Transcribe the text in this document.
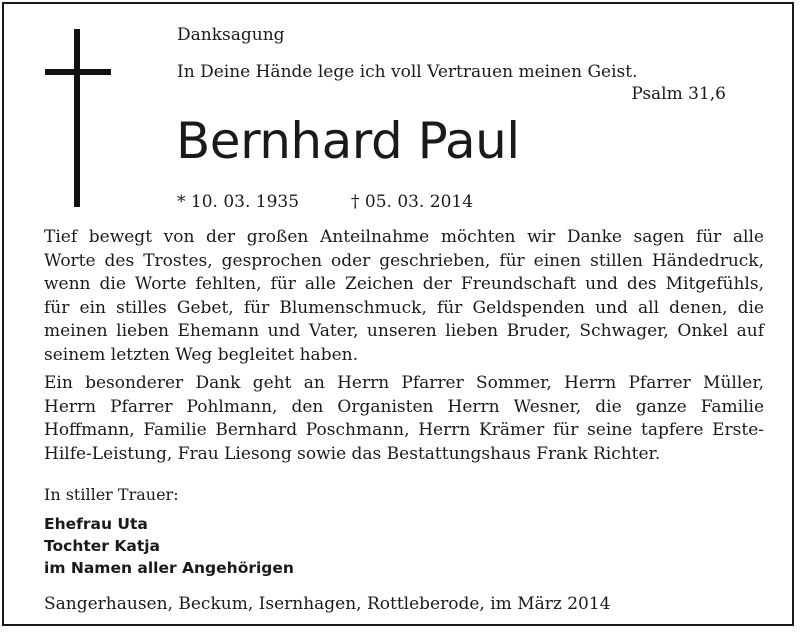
Danksagung
In Deine Hände lege ich voll Vertrauen meinen Geist.
Psalm 31,6
Bernhard Paul
* 10. 03. 1935	† 05. 03. 2014

Tief bewegt von der großen Anteilnahme möchten wir Danke sagen für alle

Worte des Trostes, gesprochen oder geschrieben, für einen stillen Händedruck,

wenn die Worte fehlten, für alle Zeichen der Freundschaft und des Mitgefühls,

für ein stilles Gebet, für Blumenschmuck, für Geldspenden und all denen, die

meinen lieben Ehemann und Vater, unseren lieben Bruder, Schwager, Onkel auf

seinem letzten Weg begleitet haben.

Ein besonderer Dank geht an Herrn Pfarrer Sommer, Herrn Pfarrer Müller,

Herrn Pfarrer Pohlmann, den Organisten Herrn Wesner, die ganze Familie

Hoffmann, Familie Bernhard Poschmann, Herrn Krämer für seine tapfere Erste-

Hilfe-Leistung, Frau Liesong sowie das Bestattungshaus Frank Richter.

In stiller Trauer:
Ehefrau Uta
Tochter Katja
im Namen aller Angehörigen
Sangerhausen, Beckum, Isernhagen, Rottleberode, im März 2014
